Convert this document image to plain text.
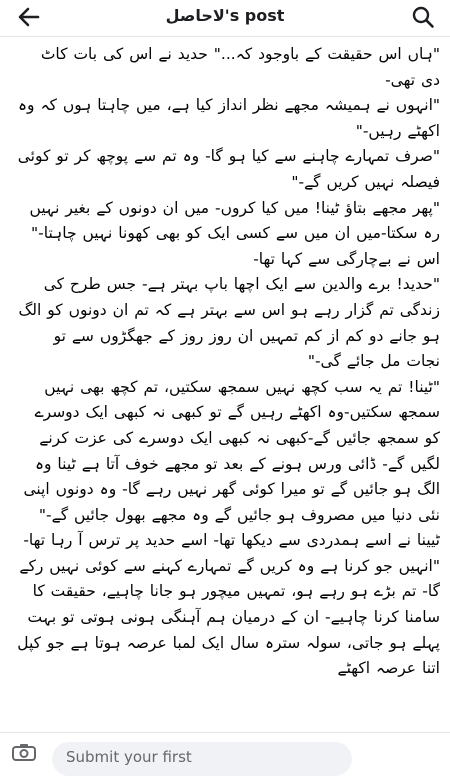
لاحاصل's post

"ہاں اس حقیقت کے باوجود کہ..." حدید نے اس کی بات کاٹ دی تھی-

"انہوں نے ہمیشہ مجھے نظر انداز کیا ہے، میں چاہتا ہوں کہ وہ اکھٹے رہیں-"

"صرف تمہارے چاہنے سے کیا ہو گا- وہ تم سے پوچھ کر تو کوئی فیصلہ نہیں کریں گے-"

"پھر مجھے بتاؤ ٹینا! میں کیا کروں- میں ان دونوں کے بغیر نہیں رہ سکتا-میں ان میں سے کسی ایک کو بھی کھونا نہیں چاہتا-" اس نے بےچارگی سے کہا تھا-

"حدید! برے والدین سے ایک اچھا باپ بہتر ہے- جس طرح کی زندگی تم گزار رہے ہو اس سے بہتر ہے کہ تم ان دونوں کو الگ ہو جانے دو کم از کم تمہیں ان روز روز کے جھگڑوں سے تو نجات مل جائے گی-"

"ٹینا! تم یہ سب کچھ نہیں سمجھ سکتیں، تم کچھ بھی نہیں سمجھ سکتیں-وہ اکھٹے رہیں گے تو کبھی نہ کبھی ایک دوسرے کو سمجھ جائیں گے-کبھی نہ کبھی ایک دوسرے کی عزت کرنے لگیں گے- ڈائی ورس ہونے کے بعد تو مجھے خوف آتا ہے ٹینا وہ الگ ہو جائیں گے تو میرا کوئی گھر نہیں رہے گا- وہ دونوں اپنی نئی دنیا میں مصروف ہو جائیں گے وہ مجھے بھول جائیں گے-"

ٹیینا نے اسے ہمدردی سے دیکھا تھا- اسے حدید پر ترس آ رہا تھا- "انہیں جو کرنا ہے وہ کریں گے تمہارے کہنے سے کوئی نہیں رکے گا- تم بڑے ہو رہے ہو، تمہیں میچور ہو جانا چاہیے، حقیقت کا سامنا کرنا چاہیے- ان کے درمیان ہم آہنگی ہونی ہوتی تو بہت پہلے ہو جاتی، سولہ سترہ سال ایک لمبا عرصہ ہوتا ہے جو کپل اتنا عرصہ اکھٹے

Submit your first
